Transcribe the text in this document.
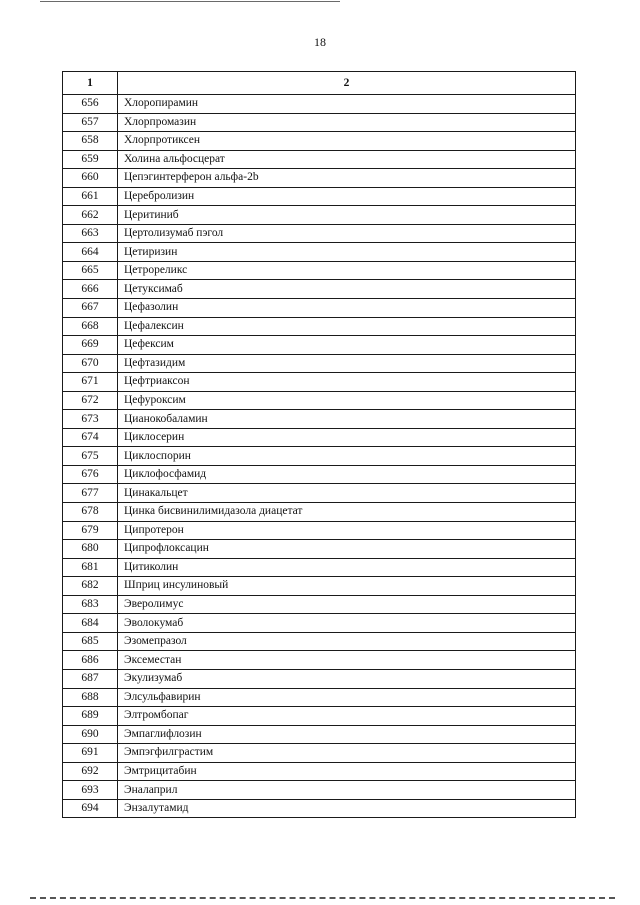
18
1	2
656	Хлоропирамин
657	Хлорпромазин
658	Хлорпротиксен
659	Холина альфосцерат
660	Цепэгинтерферон альфа-2b
661	Церебролизин
662	Церитиниб
663	Цертолизумаб пэгол
664	Цетиризин
665	Цетрореликс
666	Цетуксимаб
667	Цефазолин
668	Цефалексин
669	Цефексим
670	Цефтазидим
671	Цефтриаксон
672	Цефуроксим
673	Цианокобаламин
674	Циклосерин
675	Циклоспорин
676	Циклофосфамид
677	Цинакальцет
678	Цинка бисвинилимидазола диацетат
679	Ципротерон
680	Ципрофлоксацин
681	Цитиколин
682	Шприц инсулиновый
683	Эверолимус
684	Эволокумаб
685	Эзомепразол
686	Эксеместан
687	Экулизумаб
688	Элсульфавирин
689	Элтромбопаг
690	Эмпаглифлозин
691	Эмпэгфилграстим
692	Эмтрицитабин
693	Эналаприл
694	Энзалутамид
